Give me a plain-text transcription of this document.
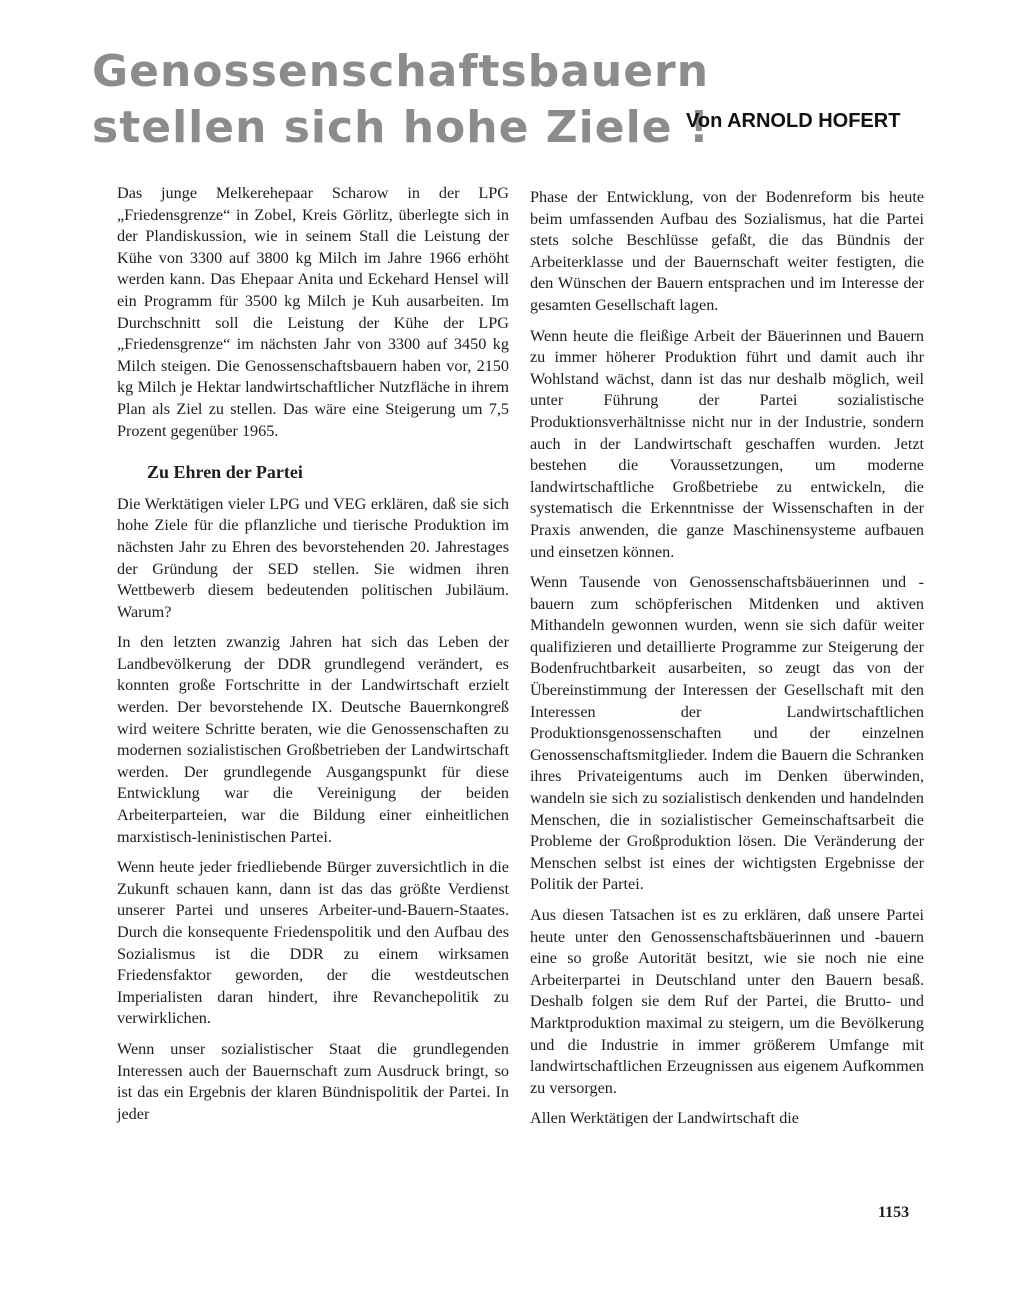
Genossenschaftsbauern
stellen sich hohe Ziele !

Von ARNOLD HOFERT

Das junge Melkerehepaar Scharow in der LPG „Friedensgrenze“ in Zobel, Kreis Görlitz, überlegte sich in der Plandiskussion, wie in seinem Stall die Leistung der Kühe von 3300 auf 3800 kg Milch im Jahre 1966 erhöht werden kann. Das Ehepaar Anita und Eckehard Hensel will ein Programm für 3500 kg Milch je Kuh ausarbeiten. Im Durchschnitt soll die Leistung der Kühe der LPG „Friedensgrenze“ im nächsten Jahr von 3300 auf 3450 kg Milch steigen. Die Genossenschaftsbauern haben vor, 2150 kg Milch je Hektar landwirtschaftlicher Nutzfläche in ihrem Plan als Ziel zu stellen. Das wäre eine Steigerung um 7,5 Prozent gegenüber 1965.

Zu Ehren der Partei

Die Werktätigen vieler LPG und VEG erklären, daß sie sich hohe Ziele für die pflanzliche und tierische Produktion im nächsten Jahr zu Ehren des bevorstehenden 20. Jahrestages der Gründung der SED stellen. Sie widmen ihren Wettbewerb diesem bedeutenden politischen Jubiläum. Warum?

In den letzten zwanzig Jahren hat sich das Leben der Landbevölkerung der DDR grundlegend verändert, es konnten große Fortschritte in der Landwirtschaft erzielt werden. Der bevorstehende IX. Deutsche Bauernkongreß wird weitere Schritte beraten, wie die Genossenschaften zu modernen sozialistischen Großbetrieben der Landwirtschaft werden. Der grundlegende Ausgangspunkt für diese Entwicklung war die Vereinigung der beiden Arbeiterparteien, war die Bildung einer einheitlichen marxistisch-leninistischen Partei.

Wenn heute jeder friedliebende Bürger zuversichtlich in die Zukunft schauen kann, dann ist das das größte Verdienst unserer Partei und unseres Arbeiter-und-Bauern-Staates. Durch die konsequente Friedenspolitik und den Aufbau des Sozialismus ist die DDR zu einem wirksamen Friedensfaktor geworden, der die westdeutschen Imperialisten daran hindert, ihre Revanchepolitik zu verwirklichen.

Wenn unser sozialistischer Staat die grundlegenden Interessen auch der Bauernschaft zum Ausdruck bringt, so ist das ein Ergebnis der klaren Bündnispolitik der Partei. In jeder

Phase der Entwicklung, von der Bodenreform bis heute beim umfassenden Aufbau des Sozialismus, hat die Partei stets solche Beschlüsse gefaßt, die das Bündnis der Arbeiterklasse und der Bauernschaft weiter festigten, die den Wünschen der Bauern entsprachen und im Interesse der gesamten Gesellschaft lagen.

Wenn heute die fleißige Arbeit der Bäuerinnen und Bauern zu immer höherer Produktion führt und damit auch ihr Wohlstand wächst, dann ist das nur deshalb möglich, weil unter Führung der Partei sozialistische Produktionsverhältnisse nicht nur in der Industrie, sondern auch in der Landwirtschaft geschaffen wurden. Jetzt bestehen die Voraussetzungen, um moderne landwirtschaftliche Großbetriebe zu entwickeln, die systematisch die Erkenntnisse der Wissenschaften in der Praxis anwenden, die ganze Maschinensysteme aufbauen und einsetzen können.

Wenn Tausende von Genossenschaftsbäuerinnen und -bauern zum schöpferischen Mitdenken und aktiven Mithandeln gewonnen wurden, wenn sie sich dafür weiter qualifizieren und detaillierte Programme zur Steigerung der Bodenfruchtbarkeit ausarbeiten, so zeugt das von der Übereinstimmung der Interessen der Gesellschaft mit den Interessen der Landwirtschaftlichen Produktionsgenossenschaften und der einzelnen Genossenschaftsmitglieder. Indem die Bauern die Schranken ihres Privateigentums auch im Denken überwinden, wandeln sie sich zu sozialistisch denkenden und handelnden Menschen, die in sozialistischer Gemeinschaftsarbeit die Probleme der Großproduktion lösen. Die Veränderung der Menschen selbst ist eines der wichtigsten Ergebnisse der Politik der Partei.

Aus diesen Tatsachen ist es zu erklären, daß unsere Partei heute unter den Genossenschaftsbäuerinnen und -bauern eine so große Autorität besitzt, wie sie noch nie eine Arbeiterpartei in Deutschland unter den Bauern besaß. Deshalb folgen sie dem Ruf der Partei, die Brutto- und Marktproduktion maximal zu steigern, um die Bevölkerung und die Industrie in immer größerem Umfange mit landwirtschaftlichen Erzeugnissen aus eigenem Aufkommen zu versorgen.

Allen Werktätigen der Landwirtschaft die

1153
